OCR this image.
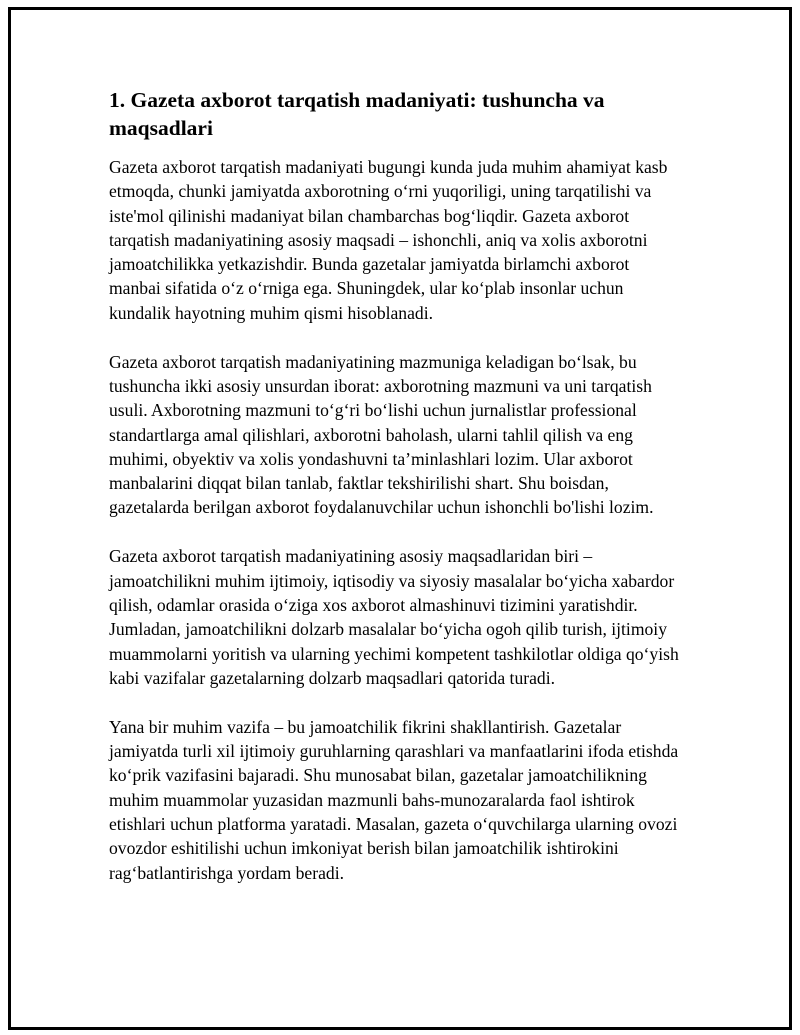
1. Gazeta axborot tarqatish madaniyati: tushuncha va maqsadlari

Gazeta axborot tarqatish madaniyati bugungi kunda juda muhim ahamiyat kasb etmoqda, chunki jamiyatda axborotning oʻrni yuqoriligi, uning tarqatilishi va iste'mol qilinishi madaniyat bilan chambarchas bogʻliqdir. Gazeta axborot tarqatish madaniyatining asosiy maqsadi – ishonchli, aniq va xolis axborotni jamoatchilikka yetkazishdir. Bunda gazetalar jamiyatda birlamchi axborot manbai sifatida oʻz oʻrniga ega. Shuningdek, ular koʻplab insonlar uchun kundalik hayotning muhim qismi hisoblanadi.

Gazeta axborot tarqatish madaniyatining mazmuniga keladigan boʻlsak, bu tushuncha ikki asosiy unsurdan iborat: axborotning mazmuni va uni tarqatish usuli. Axborotning mazmuni toʻgʻri boʻlishi uchun jurnalistlar professional standartlarga amal qilishlari, axborotni baholash, ularni tahlil qilish va eng muhimi, obyektiv va xolis yondashuvni ta’minlashlari lozim. Ular axborot manbalarini diqqat bilan tanlab, faktlar tekshirilishi shart. Shu boisdan, gazetalarda berilgan axborot foydalanuvchilar uchun ishonchli bo'lishi lozim.

Gazeta axborot tarqatish madaniyatining asosiy maqsadlaridan biri – jamoatchilikni muhim ijtimoiy, iqtisodiy va siyosiy masalalar boʻyicha xabardor qilish, odamlar orasida oʻziga xos axborot almashinuvi tizimini yaratishdir. Jumladan, jamoatchilikni dolzarb masalalar boʻyicha ogoh qilib turish, ijtimoiy muammolarni yoritish va ularning yechimi kompetent tashkilotlar oldiga qoʻyish kabi vazifalar gazetalarning dolzarb maqsadlari qatorida turadi.

Yana bir muhim vazifa – bu jamoatchilik fikrini shakllantirish. Gazetalar jamiyatda turli xil ijtimoiy guruhlarning qarashlari va manfaatlarini ifoda etishda koʻprik vazifasini bajaradi. Shu munosabat bilan, gazetalar jamoatchilikning muhim muammolar yuzasidan mazmunli bahs-munozaralarda faol ishtirok etishlari uchun platforma yaratadi. Masalan, gazeta oʻquvchilarga ularning ovozi ovozdor eshitilishi uchun imkoniyat berish bilan jamoatchilik ishtirokini ragʻbatlantirishga yordam beradi.
